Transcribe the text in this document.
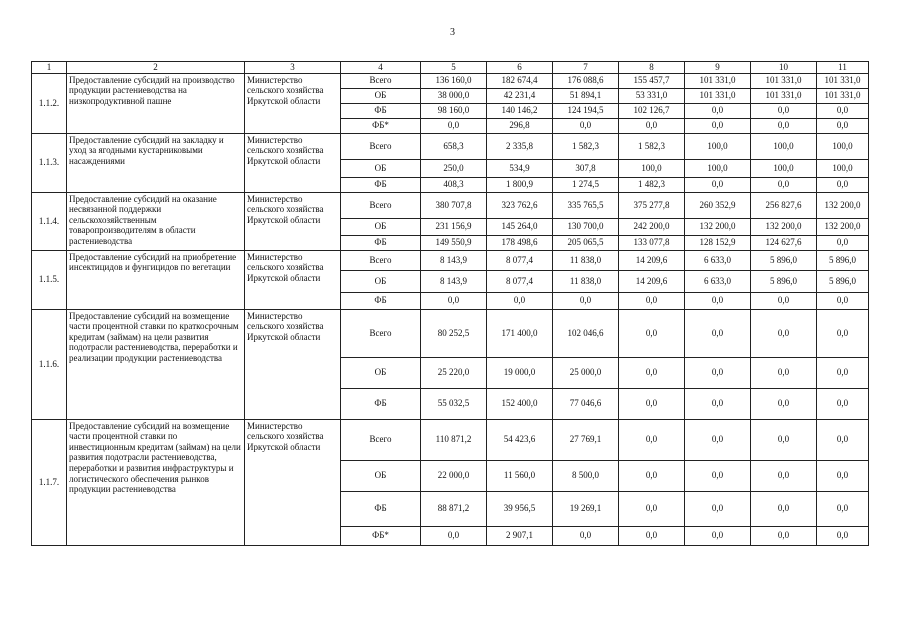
3
1	2	3	4	5	6	7	8	9	10	11
1.1.2.	Предоставление субсидий на производство продукции растениеводства на низкопродуктивной пашне	Министерство сельского хозяйства Иркутской области	Всего	136 160,0	182 674,4	176 088,6	155 457,7	101 331,0	101 331,0	101 331,0
			ОБ	38 000,0	42 231,4	51 894,1	53 331,0	101 331,0	101 331,0	101 331,0
			ФБ	98 160,0	140 146,2	124 194,5	102 126,7	0,0	0,0	0,0
			ФБ*	0,0	296,8	0,0	0,0	0,0	0,0	0,0
1.1.3.	Предоставление субсидий на закладку и уход за ягодными кустарниковыми насаждениями	Министерство сельского хозяйства Иркутской области	Всего	658,3	2 335,8	1 582,3	1 582,3	100,0	100,0	100,0
			ОБ	250,0	534,9	307,8	100,0	100,0	100,0	100,0
			ФБ	408,3	1 800,9	1 274,5	1 482,3	0,0	0,0	0,0
1.1.4.	Предоставление субсидий на оказание несвязанной поддержки сельскохозяйственным товаропроизводителям в области растениеводства	Министерство сельского хозяйства Иркутской области	Всего	380 707,8	323 762,6	335 765,5	375 277,8	260 352,9	256 827,6	132 200,0
			ОБ	231 156,9	145 264,0	130 700,0	242 200,0	132 200,0	132 200,0	132 200,0
			ФБ	149 550,9	178 498,6	205 065,5	133 077,8	128 152,9	124 627,6	0,0
1.1.5.	Предоставление субсидий на приобретение инсектицидов и фунгицидов по вегетации	Министерство сельского хозяйства Иркутской области	Всего	8 143,9	8 077,4	11 838,0	14 209,6	6 633,0	5 896,0	5 896,0
			ОБ	8 143,9	8 077,4	11 838,0	14 209,6	6 633,0	5 896,0	5 896,0
			ФБ	0,0	0,0	0,0	0,0	0,0	0,0	0,0
1.1.6.	Предоставление субсидий на возмещение части процентной ставки по краткосрочным кредитам (займам) на цели развития подотрасли растениеводства, переработки и реализации продукции растениеводства	Министерство сельского хозяйства Иркутской области	Всего	80 252,5	171 400,0	102 046,6	0,0	0,0	0,0	0,0
			ОБ	25 220,0	19 000,0	25 000,0	0,0	0,0	0,0	0,0
			ФБ	55 032,5	152 400,0	77 046,6	0,0	0,0	0,0	0,0
1.1.7.	Предоставление субсидий на возмещение части процентной ставки по инвестиционным кредитам (займам) на цели развития подотрасли растениеводства, переработки и развития инфраструктуры и логистического обеспечения рынков продукции растениеводства	Министерство сельского хозяйства Иркутской области	Всего	110 871,2	54 423,6	27 769,1	0,0	0,0	0,0	0,0
			ОБ	22 000,0	11 560,0	8 500,0	0,0	0,0	0,0	0,0
			ФБ	88 871,2	39 956,5	19 269,1	0,0	0,0	0,0	0,0
			ФБ*	0,0	2 907,1	0,0	0,0	0,0	0,0	0,0
